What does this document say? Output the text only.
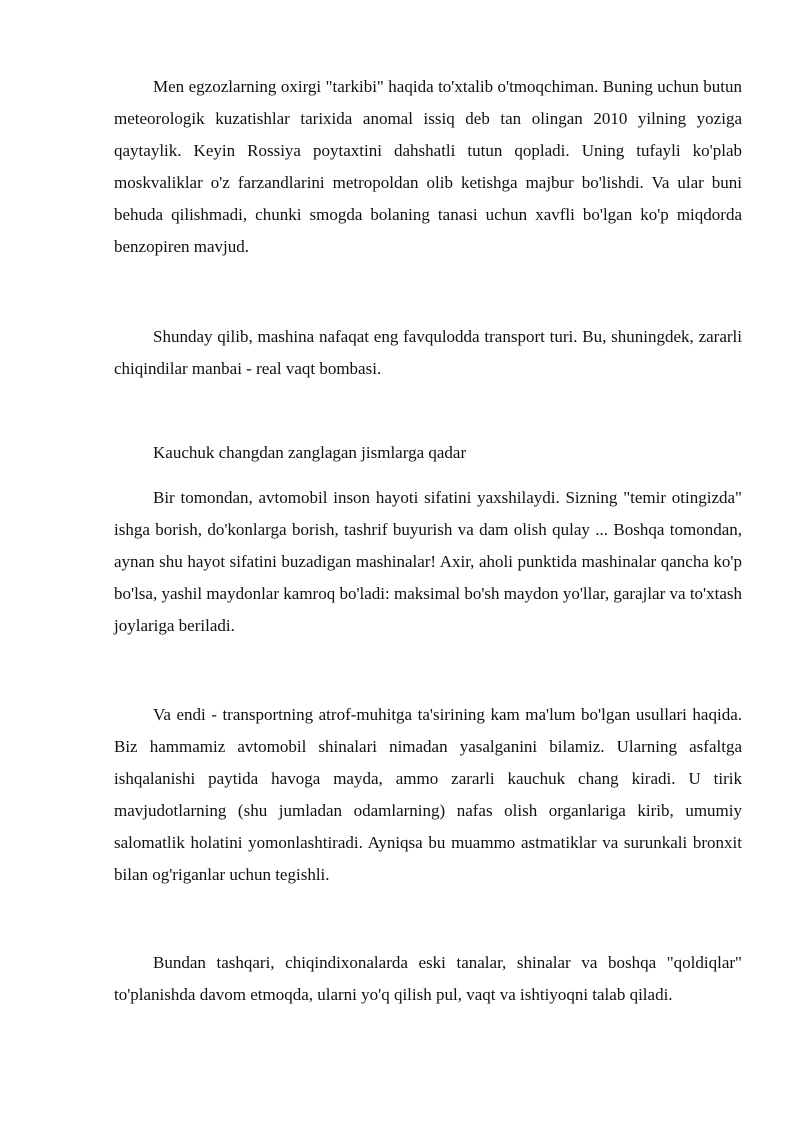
Men egzozlarning oxirgi "tarkibi" haqida to'xtalib o'tmoqchiman. Buning uchun butun meteorologik kuzatishlar tarixida anomal issiq deb tan olingan 2010 yilning yoziga qaytaylik. Keyin Rossiya poytaxtini dahshatli tutun qopladi. Uning tufayli ko'plab moskvaliklar o'z farzandlarini metropoldan olib ketishga majbur bo'lishdi. Va ular buni behuda qilishmadi, chunki smogda bolaning tanasi uchun xavfli bo'lgan ko'p miqdorda benzopiren mavjud.

Shunday qilib, mashina nafaqat eng favqulodda transport turi. Bu, shuningdek, zararli chiqindilar manbai - real vaqt bombasi.

Kauchuk changdan zanglagan jismlarga qadar

Bir tomondan, avtomobil inson hayoti sifatini yaxshilaydi. Sizning "temir otingizda" ishga borish, do'konlarga borish, tashrif buyurish va dam olish qulay ... Boshqa tomondan, aynan shu hayot sifatini buzadigan mashinalar! Axir, aholi punktida mashinalar qancha ko'p bo'lsa, yashil maydonlar kamroq bo'ladi: maksimal bo'sh maydon yo'llar, garajlar va to'xtash joylariga beriladi.

Va endi - transportning atrof-muhitga ta'sirining kam ma'lum bo'lgan usullari haqida. Biz hammamiz avtomobil shinalari nimadan yasalganini bilamiz. Ularning asfaltga ishqalanishi paytida havoga mayda, ammo zararli kauchuk chang kiradi. U tirik mavjudotlarning (shu jumladan odamlarning) nafas olish organlariga kirib, umumiy salomatlik holatini yomonlashtiradi. Ayniqsa bu muammo astmatiklar va surunkali bronxit bilan og'riganlar uchun tegishli.

Bundan tashqari, chiqindixonalarda eski tanalar, shinalar va boshqa "qoldiqlar" to'planishda davom etmoqda, ularni yo'q qilish pul, vaqt va ishtiyoqni talab qiladi.
